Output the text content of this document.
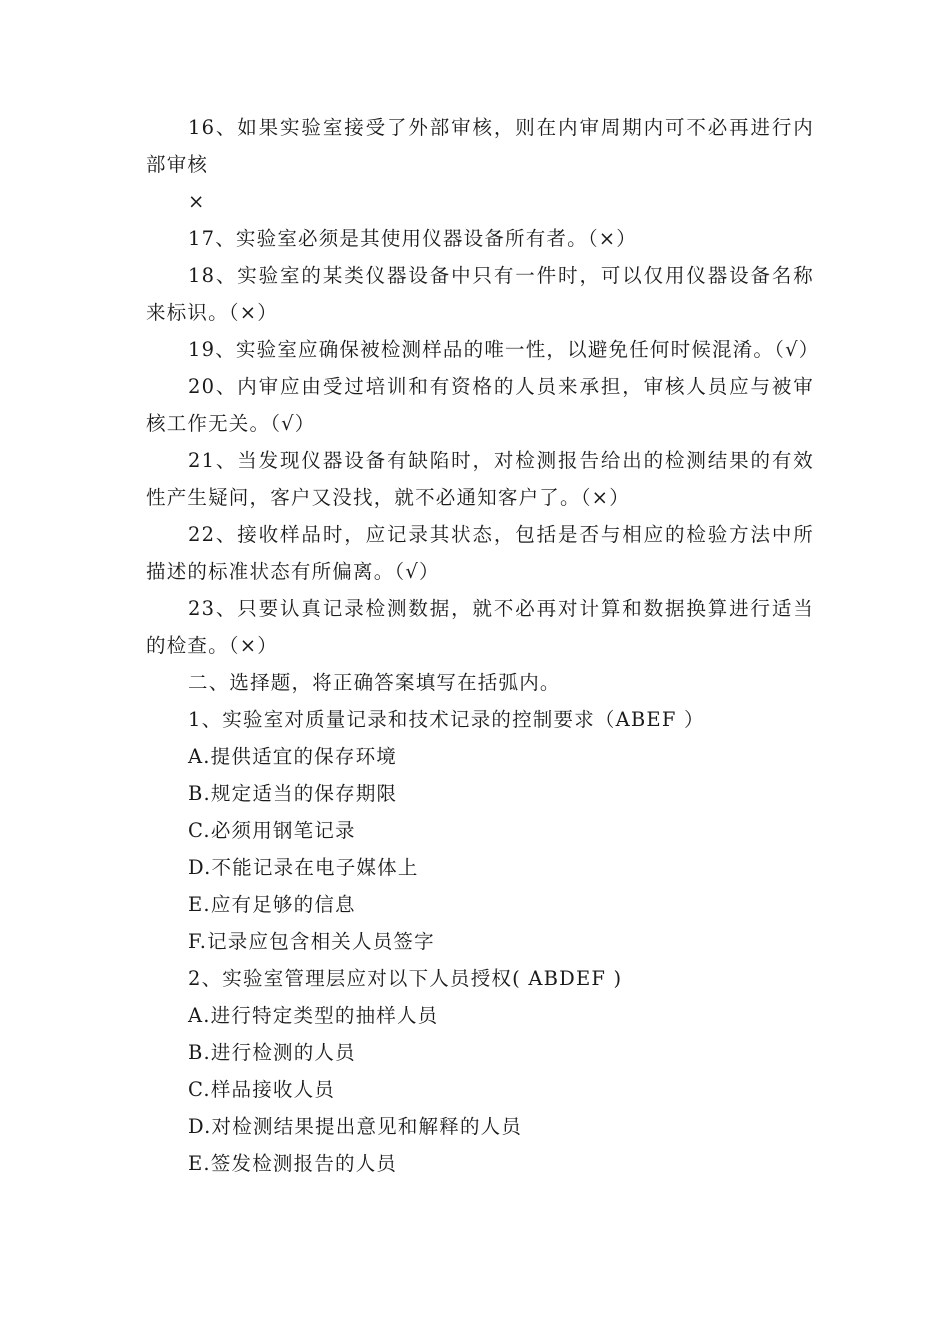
16、如果实验室接受了外部审核，则在内审周期内可不必再进行内部审核

×

17、实验室必须是其使用仪器设备所有者。（×）

18、实验室的某类仪器设备中只有一件时，可以仅用仪器设备名称来标识。（×）

19、实验室应确保被检测样品的唯一性，以避免任何时候混淆。（√）

20、内审应由受过培训和有资格的人员来承担，审核人员应与被审核工作无关。（√）

21、当发现仪器设备有缺陷时，对检测报告给出的检测结果的有效性产生疑问，客户又没找，就不必通知客户了。（×）

22、接收样品时，应记录其状态，包括是否与相应的检验方法中所描述的标准状态有所偏离。（√）

23、只要认真记录检测数据，就不必再对计算和数据换算进行适当的检查。（×）

二、选择题，将正确答案填写在括弧内。

1、实验室对质量记录和技术记录的控制要求（ABEF ）

A.提供适宜的保存环境

B.规定适当的保存期限

C.必须用钢笔记录

D.不能记录在电子媒体上

E.应有足够的信息

F.记录应包含相关人员签字

2、实验室管理层应对以下人员授权( ABDEF )

A.进行特定类型的抽样人员

B.进行检测的人员

C.样品接收人员

D.对检测结果提出意见和解释的人员

E.签发检测报告的人员
